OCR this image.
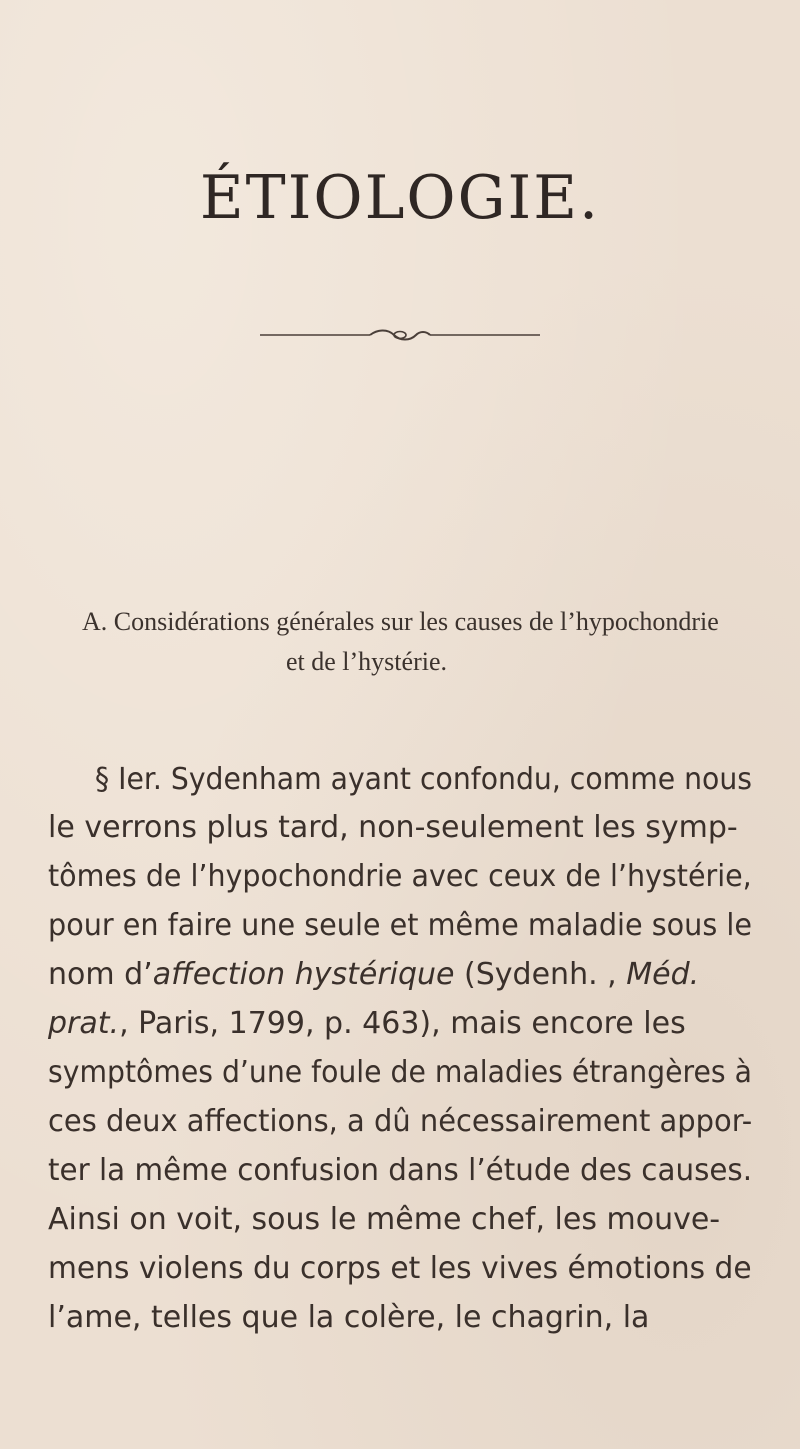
ÉTIOLOGIE.
A. Considérations générales sur les causes de l’hypochondrie
et de l’hystérie.
§ Ier. Sydenham ayant confondu, comme nous
le verrons plus tard, non-seulement les symp-
tômes de l’hypochondrie avec ceux de l’hystérie,
pour en faire une seule et même maladie sous le
nom d’affection hystérique (Sydenh. , Méd.
prat., Paris, 1799, p. 463), mais encore les
symptômes d’une foule de maladies étrangères à
ces deux affections, a dû nécessairement appor-
ter la même confusion dans l’étude des causes.
Ainsi on voit, sous le même chef, les mouve-
mens violens du corps et les vives émotions de
l’ame, telles que la colère, le chagrin, la
